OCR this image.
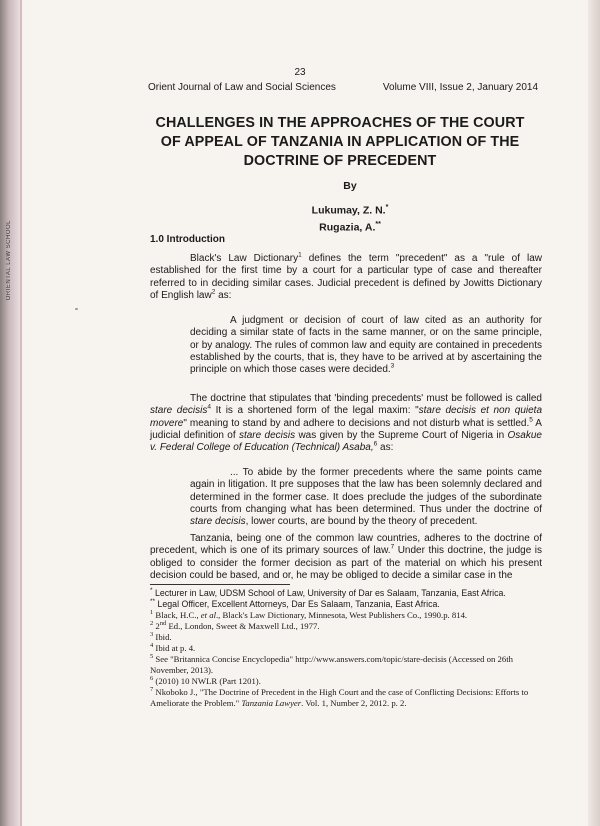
ORIENTAL LAW SCHOOL
23
Orient Journal of Law and Social Sciences	Volume VIII, Issue 2, January 2014
CHALLENGES IN THE APPROACHES OF THE COURT
OF APPEAL OF TANZANIA IN APPLICATION OF THE
DOCTRINE OF PRECEDENT
By
Lukumay, Z. N.*
Rugazia, A.**
1.0 Introduction
Black's Law Dictionary$^1$ defines the term "precedent" as a "rule of law established for the first time by a court for a particular type of case and thereafter referred to in deciding similar cases. Judicial precedent is defined by Jowitts Dictionary of English law$^2$ as:
A judgment or decision of court of law cited as an authority for deciding a similar state of facts in the same manner, or on the same principle, or by analogy. The rules of common law and equity are contained in precedents established by the courts, that is, they have to be arrived at by ascertaining the principle on which those cases were decided.$^3$
The doctrine that stipulates that 'binding precedents' must be followed is called stare decisis$^4$ It is a shortened form of the legal maxim: "stare decisis et non quieta movere" meaning to stand by and adhere to decisions and not disturb what is settled.$^5$ A judicial definition of stare decisis was given by the Supreme Court of Nigeria in Osakue v. Federal College of Education (Technical) Asaba,$^6$ as:
... To abide by the former precedents where the same points came again in litigation. It pre supposes that the law has been solemnly declared and determined in the former case. It does preclude the judges of the subordinate courts from changing what has been determined. Thus under the doctrine of stare decisis, lower courts, are bound by the theory of precedent.
Tanzania, being one of the common law countries, adheres to the doctrine of precedent, which is one of its primary sources of law.$^7$ Under this doctrine, the judge is obliged to consider the former decision as part of the material on which his present decision could be based, and or, he may be obliged to decide a similar case in the

* Lecturer in Law, UDSM School of Law, University of Dar es Salaam, Tanzania, East Africa.

** Legal Officer, Excellent Attorneys, Dar Es Salaam, Tanzania, East Africa.

$^1$ Black, H.C., et al., Black's Law Dictionary, Minnesota, West Publishers Co., 1990.p. 814.

$^2$ 2nd Ed., London, Sweet & Maxwell Ltd., 1977.

$^3$ Ibid.

$^4$ Ibid at p. 4.

$^5$ See "Britannica Concise Encyclopedia" http://www.answers.com/topic/stare-decisis (Accessed on 26th November, 2013).

$^6$ (2010) 10 NWLR (Part 1201).

$^7$ Nkoboko J., "The Doctrine of Precedent in the High Court and the case of Conflicting Decisions: Efforts to Ameliorate the Problem." Tanzania Lawyer. Vol. 1, Number 2, 2012. p. 2.
